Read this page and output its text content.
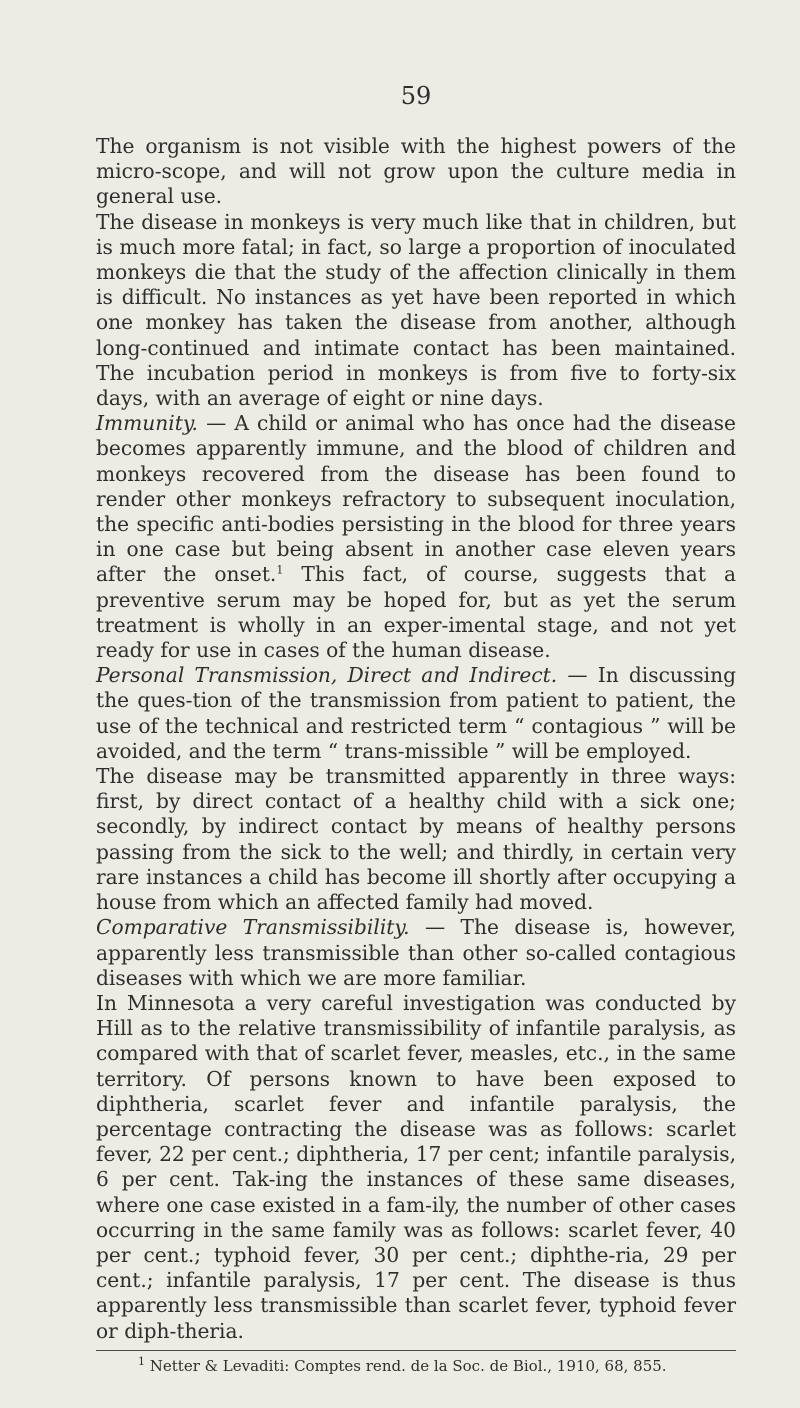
59

The organism is not visible with the highest powers of the micro-scope, and will not grow upon the culture media in general use.

The disease in monkeys is very much like that in children, but is much more fatal; in fact, so large a proportion of inoculated monkeys die that the study of the affection clinically in them is difficult. No instances as yet have been reported in which one monkey has taken the disease from another, although long-continued and intimate contact has been maintained. The incubation period in monkeys is from five to forty-six days, with an average of eight or nine days.

Immunity. — A child or animal who has once had the disease becomes apparently immune, and the blood of children and monkeys recovered from the disease has been found to render other monkeys refractory to subsequent inoculation, the specific anti-bodies persisting in the blood for three years in one case but being absent in another case eleven years after the onset.$^1$ This fact, of course, suggests that a preventive serum may be hoped for, but as yet the serum treatment is wholly in an exper-imental stage, and not yet ready for use in cases of the human disease.

Personal Transmission, Direct and Indirect. — In discussing the ques-tion of the transmission from patient to patient, the use of the technical and restricted term “ contagious ” will be avoided, and the term “ trans-missible ” will be employed.

The disease may be transmitted apparently in three ways: first, by direct contact of a healthy child with a sick one; secondly, by indirect contact by means of healthy persons passing from the sick to the well; and thirdly, in certain very rare instances a child has become ill shortly after occupying a house from which an affected family had moved.

Comparative Transmissibility. — The disease is, however, apparently less transmissible than other so-called contagious diseases with which we are more familiar.

In Minnesota a very careful investigation was conducted by Hill as to the relative transmissibility of infantile paralysis, as compared with that of scarlet fever, measles, etc., in the same territory. Of persons known to have been exposed to diphtheria, scarlet fever and infantile paralysis, the percentage contracting the disease was as follows: scarlet fever, 22 per cent.; diphtheria, 17 per cent; infantile paralysis, 6 per cent. Tak-ing the instances of these same diseases, where one case existed in a fam-ily, the number of other cases occurring in the same family was as follows: scarlet fever, 40 per cent.; typhoid fever, 30 per cent.; diphthe-ria, 29 per cent.; infantile paralysis, 17 per cent. The disease is thus apparently less transmissible than scarlet fever, typhoid fever or diph-theria.

$^1$ Netter & Levaditi: Comptes rend. de la Soc. de Biol., 1910, 68, 855.
